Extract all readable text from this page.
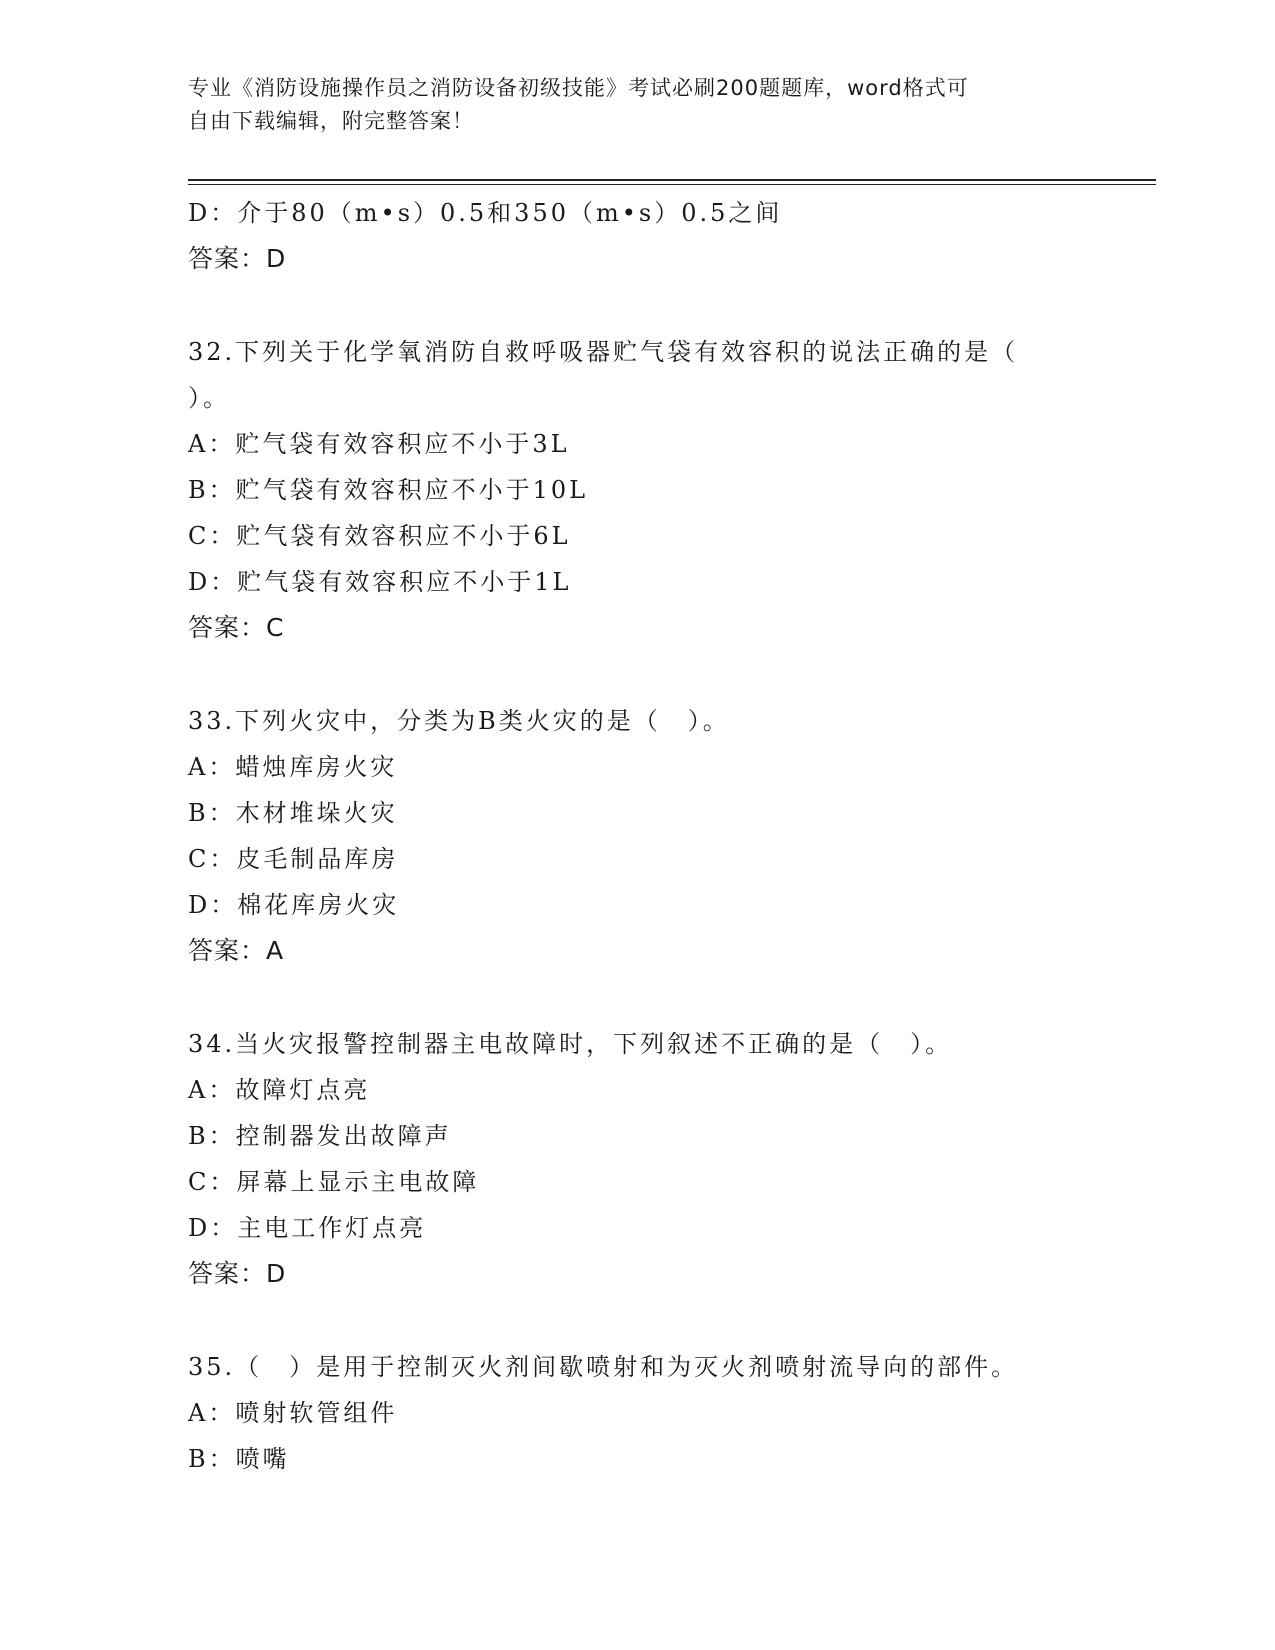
专业《消防设施操作员之消防设备初级技能》考试必刷200题题库，word格式可
自由下载编辑，附完整答案！
D：介于80（m•s）0.5和350（m•s）0.5之间
答案：D
32.下列关于化学氧消防自救呼吸器贮气袋有效容积的说法正确的是（
）。
A：贮气袋有效容积应不小于3L
B：贮气袋有效容积应不小于10L
C：贮气袋有效容积应不小于6L
D：贮气袋有效容积应不小于1L
答案：C
33.下列火灾中，分类为B类火灾的是（　）。
A：蜡烛库房火灾
B：木材堆垛火灾
C：皮毛制品库房
D：棉花库房火灾
答案：A
34.当火灾报警控制器主电故障时，下列叙述不正确的是（　）。
A：故障灯点亮
B：控制器发出故障声
C：屏幕上显示主电故障
D：主电工作灯点亮
答案：D
35.（　）是用于控制灭火剂间歇喷射和为灭火剂喷射流导向的部件。
A：喷射软管组件
B：喷嘴
